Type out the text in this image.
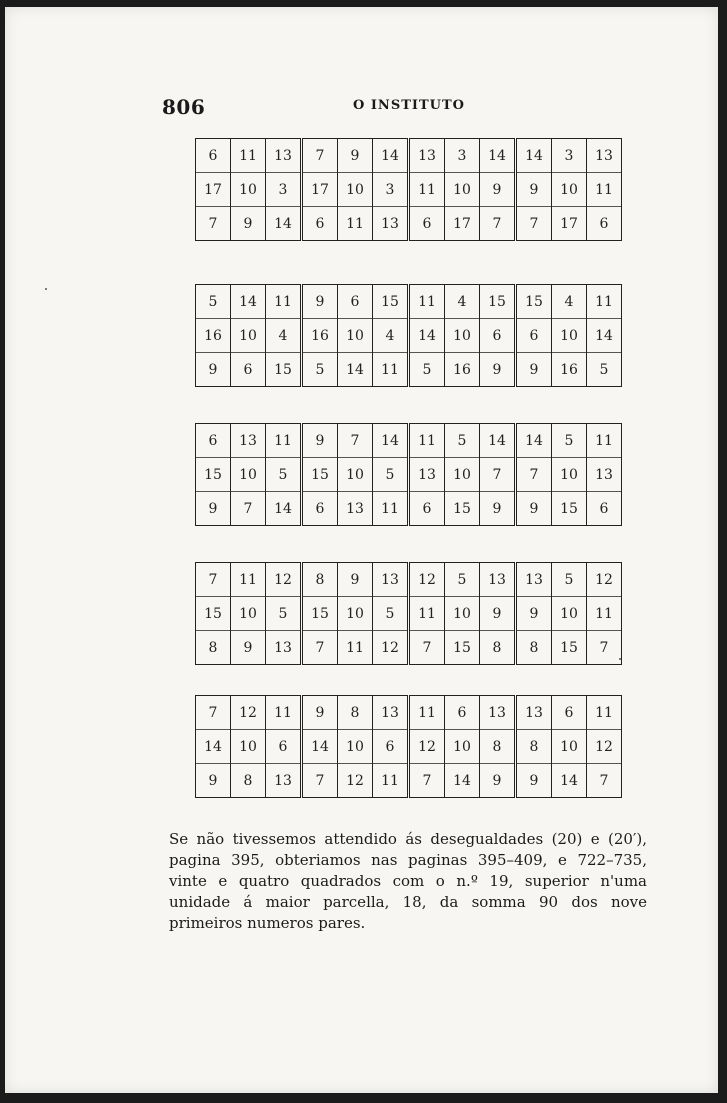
806	O INSTITUTO
6	11	13	7	9	14	13	3	14	14	3	13
17	10	3	17	10	3	11	10	9	9	10	11
7	9	14	6	11	13	6	17	7	7	17	6
5	14	11	9	6	15	11	4	15	15	4	11
16	10	4	16	10	4	14	10	6	6	10	14
9	6	15	5	14	11	5	16	9	9	16	5
6	13	11	9	7	14	11	5	14	14	5	11
15	10	5	15	10	5	13	10	7	7	10	13
9	7	14	6	13	11	6	15	9	9	15	6
7	11	12	8	9	13	12	5	13	13	5	12
15	10	5	15	10	5	11	10	9	9	10	11
8	9	13	7	11	12	7	15	8	8	15	7
7	12	11	9	8	13	11	6	13	13	6	11
14	10	6	14	10	6	12	10	8	8	10	12
9	8	13	7	12	11	7	14	9	9	14	7

Se não tivessemos attendido ás desegualdades (20) e (20′), pagina 395, obteriamos nas paginas 395–409, e 722–735, vinte e quatro quadrados com o n.º 19, superior n'uma unidade á maior parcella, 18, da somma 90 dos nove primeiros numeros pares.
